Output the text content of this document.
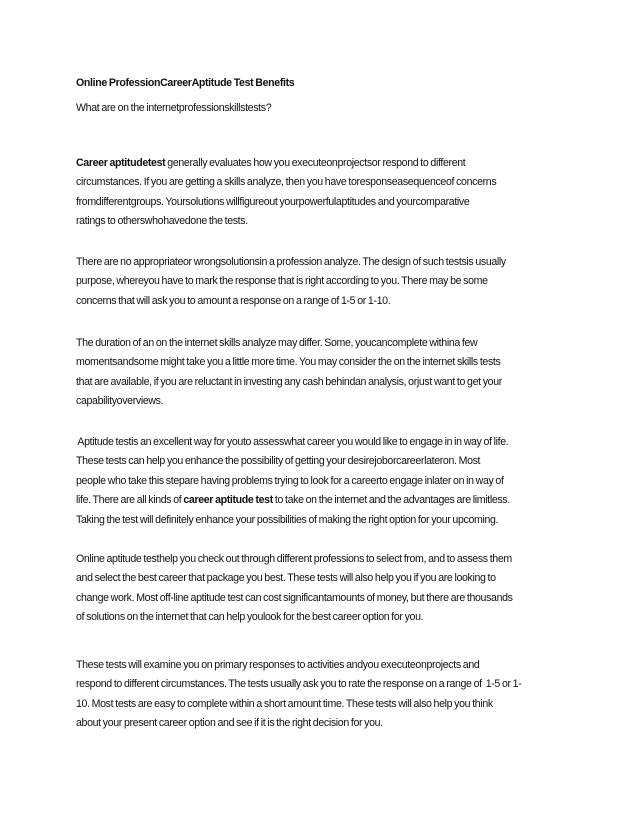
Online ProfessionCareerAptitude Test Benefits

What are on the internetprofessionskillstests?

Career aptitudetest generally evaluates how you executeonprojectsor respond to different
circumstances. If you are getting a skills analyze, then you have toresponseasequenceof concerns
fromdifferentgroups. Yoursolutions willfigureout yourpowerfulaptitudes and yourcomparative
ratings to otherswhohavedone the tests.
There are no appropriateor wrongsolutionsin a profession analyze. The design of such testsis usually
purpose, whereyou have to mark the response that is right according to you. There may be some
concerns that will ask you to amount a response on a range of 1-5 or 1-10.
The duration of an on the internet skills analyze may differ. Some, youcancomplete withina few
momentsandsome might take you a little more time. You may consider the on the internet skills tests
that are available, if you are reluctant in investing any cash behindan analysis, orjust want to get your
capabilityoverviews.
Aptitude testis an excellent way for youto assesswhat career you would like to engage in in way of life.
These tests can help you enhance the possibility of getting your desirejoborcareerlateron. Most
people who take this stepare having problems trying to look for a careerto engage inlater on in way of
life. There are all kinds of career aptitude test to take on the internet and the advantages are limitless.
Taking the test will definitely enhance your possibilities of making the right option for your upcoming.
Online aptitude testhelp you check out through different professions to select from, and to assess them
and select the best career that package you best. These tests will also help you if you are looking to
change work. Most off-line aptitude test can cost significantamounts of money, but there are thousands
of solutions on the internet that can help youlook for the best career option for you.
These tests will examine you on primary responses to activities andyou executeonprojects and
respond to different circumstances. The tests usually ask you to rate the response on a range of  1-5 or 1-
10. Most tests are easy to complete within a short amount time. These tests will also help you think
about your present career option and see if it is the right decision for you.
